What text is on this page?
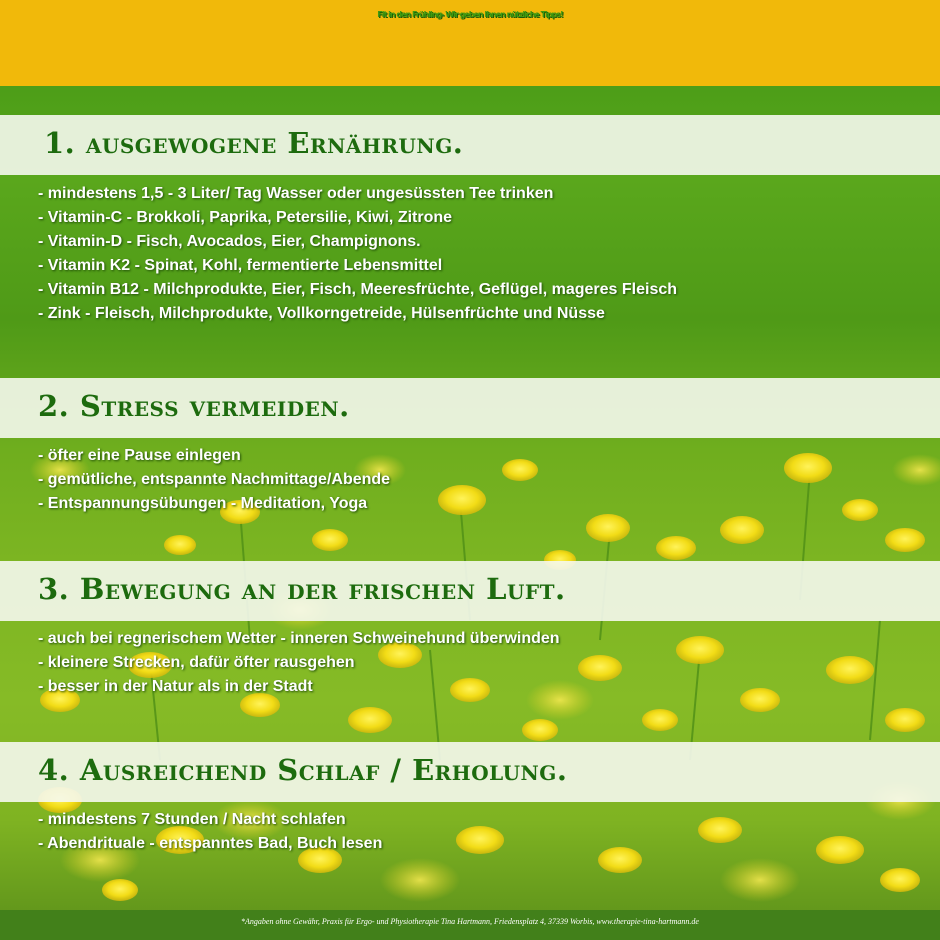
Fit in den Frühling- Wir geben Ihnen nützliche Tipps!
1. ausgewogene Ernährung.
- mindestens 1,5 - 3 Liter/ Tag Wasser oder ungesüssten Tee trinken
- Vitamin-C - Brokkoli, Paprika, Petersilie, Kiwi, Zitrone
- Vitamin-D - Fisch, Avocados, Eier, Champignons.
- Vitamin K2 - Spinat, Kohl, fermentierte Lebensmittel
- Vitamin B12 - Milchprodukte, Eier, Fisch, Meeresfrüchte, Geflügel, mageres Fleisch
- Zink - Fleisch, Milchprodukte, Vollkorngetreide, Hülsenfrüchte und Nüsse
2. Stress vermeiden.
- öfter eine Pause einlegen
- gemütliche, entspannte Nachmittage/Abende
- Entspannungsübungen - Meditation, Yoga
3. Bewegung an der frischen Luft.
- auch bei regnerischem Wetter - inneren Schweinehund überwinden
- kleinere Strecken, dafür öfter rausgehen
- besser in der Natur als in der Stadt
4. Ausreichend Schlaf / Erholung.
- mindestens 7 Stunden / Nacht schlafen
- Abendrituale - entspanntes Bad, Buch lesen

*Angaben ohne Gewähr, Praxis für Ergo- und Physiotherapie Tina Hartmann, Friedensplatz 4, 37339 Worbis, www.therapie-tina-hartmann.de
